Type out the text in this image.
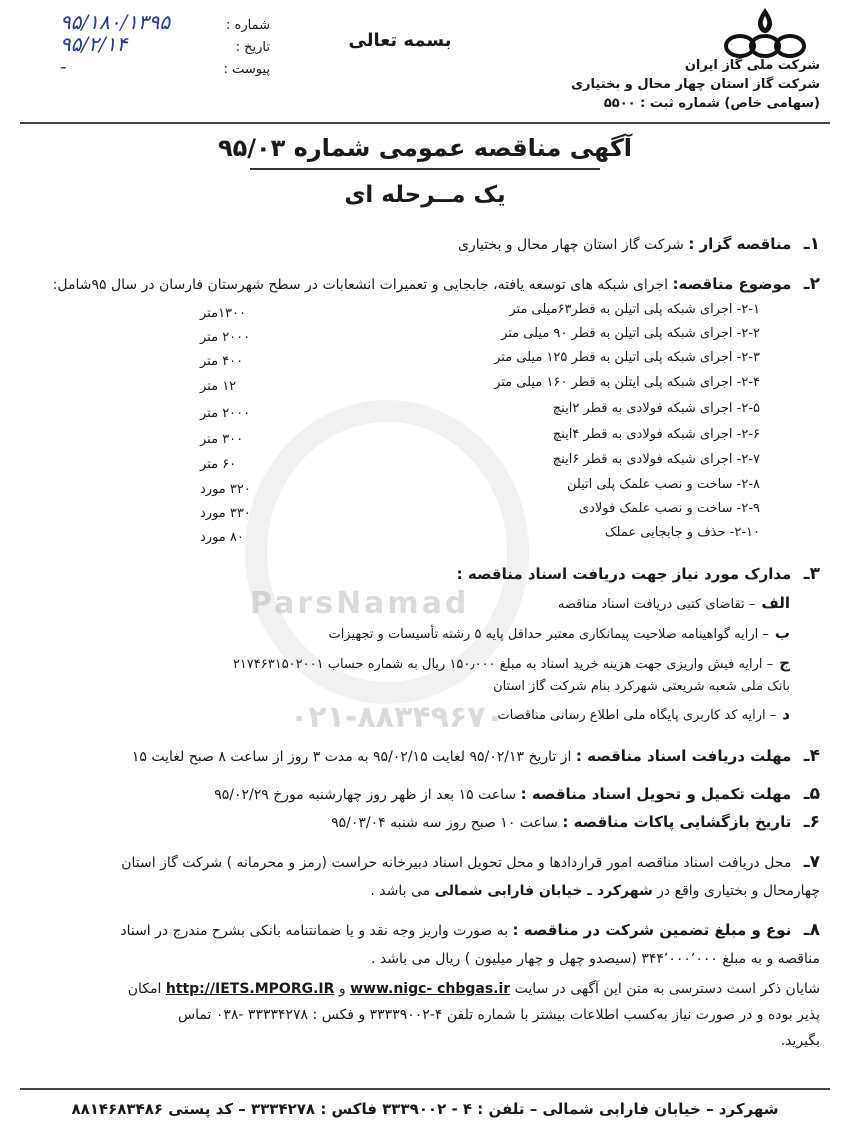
ParsNamad
۰۲۱-۸۸۳۴۹۶۷۰
شرکت ملی گاز ایران
شرکت گاز استان چهار محال و بختیاری
(سهامی خاص) شماره ثبت : ۵۵۰۰
بسمه تعالی
شماره :
۹۵/۱۸۰/۱۳۹۵
تاریخ :
۹۵/۲/۱۴
پیوست :
-
آگهی مناقصه عمومی شماره ۹۵/۰۳
یک مــرحله ای
۱ـ مناقصه گزار : شرکت گاز استان چهار محال و بختیاری
۲ـ موضوع مناقصه: اجرای شبکه های توسعه یافته، جابجایی و تعمیرات انشعابات در سطح شهرستان فارسان در سال ۹۵شامل:
۲-۱- اجرای شبکه پلی اتیلن به قطر۶۳میلی متر
۱۳۰۰متر
۲-۲- اجرای شبکه پلی اتیلن به قطر ۹۰ میلی متر
۲۰۰۰ متر
۲-۳- اجرای شبکه پلی اتیلن به قطر ۱۲۵ میلی متر
۴۰۰ متر
۲-۴- اجرای شبکه پلی ایتلن به قطر ۱۶۰ میلی متر
۱۲ متر
۲-۵- اجرای شبکه فولادی به قطر ۲اینچ
۲۰۰۰ متر
۲-۶- اجرای شبکه فولادی به قطر ۴اینچ
۳۰۰ متر
۲-۷- اجرای شبکه فولادی به قطر ۶اینچ
۶۰ متر
۲-۸- ساخت و نصب علمک پلی اتیلن
۳۲۰ مورد
۲-۹- ساخت و نصب علمک فولادی
۳۳۰ مورد
۲-۱۰- حذف و جابجایی عملک
۸۰ مورد
۳ـ مدارک مورد نیاز جهت دریافت اسناد مناقصه :
الف– تقاضای کتبی دریافت اسناد مناقصه
ب– ارایه گواهینامه صلاحیت پیمانکاری معتبر حداقل پایه ۵ رشته تأسیسات و تجهیزات
ج– ارایه فیش واریزی جهت هزینه خرید اسناد به مبلغ ۱۵۰٫۰۰۰ ریال به شماره حساب ۲۱۷۴۶۳۱۵۰۲۰۰۱
بانک ملی شعبه شریعتی شهرکرد بنام شرکت گاز استان
د– ارایه کد کاربری پایگاه ملی اطلاع رسانی مناقصات
۴ـ مهلت دریافت اسناد مناقصه : از تاریخ ۹۵/۰۲/۱۳ لغایت ۹۵/۰۲/۱۵ به مدت ۳ روز از ساعت ۸ صبح لغایت ۱۵
۵ـ مهلت تکمیل و تحویل اسناد مناقصه : ساعت ۱۵ بعد از ظهر روز چهارشنبه مورخ ۹۵/۰۲/۲۹
۶ـ تاریخ بازگشایی پاکات مناقصه : ساعت ۱۰ صبح روز سه شنبه ۹۵/۰۳/۰۴
۷ـ محل دریافت اسناد مناقصه امور قراردادها و محل تحویل اسناد دبیرخانه حراست (رمز و محرمانه ) شرکت گاز استان
چهارمحال و بختیاری واقع در شهرکرد ـ خیابان فارابی شمالی می باشد .
۸ـ نوع و مبلغ تضمین شرکت در مناقصه : به صورت واریز وجه نقد و یا ضمانتنامه بانکی بشرح مندرج در اسناد
مناقصه و به مبلغ ۳۴۴٬۰۰۰٬۰۰۰ (سیصدو چهل و چهار میلیون ) ریال می باشد .
شایان ذکر است دسترسی به متن این آگهی در سایت www.nigc- chbgas.ir و http://IETS.MPORG.IR امکان
پذیر بوده و در صورت نیاز به‌کسب اطلاعات بیشتر با شماره تلفن ۴-۳۳۳۳۹۰۰۲ و فکس : ۳۳۳۳۴۲۷۸ -۰۳۸ تماس
بگیرید.
شهرکرد – خیابان فارابی شمالی – تلفن : ۴ - ۳۳۳۹۰۰۲ فاکس : ۳۳۳۴۲۷۸ – کد پستی ۸۸۱۴۶۸۳۴۸۶
